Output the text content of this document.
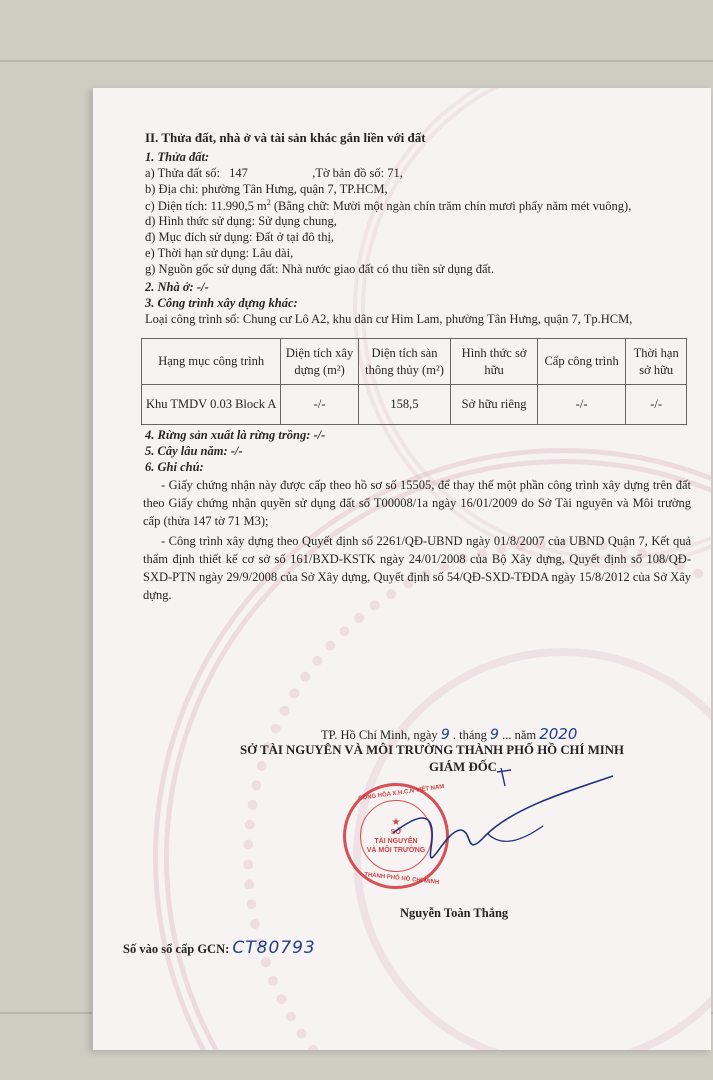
II. Thửa đất, nhà ở và tài sản khác gắn liền với đất
1. Thửa đất:
a) Thửa đất số: 147	,Tờ bản đồ số: 71,
b) Địa chỉ: phường Tân Hưng, quận 7, TP.HCM,
c) Diện tích: 11.990,5 $m^2$ (Bằng chữ: Mười một ngàn chín trăm chín mươi phẩy năm mét vuông),
d) Hình thức sử dụng: Sử dụng chung,
đ) Mục đích sử dụng: Đất ở tại đô thị,
e) Thời hạn sử dụng: Lâu dài,
g) Nguồn gốc sử dụng đất: Nhà nước giao đất có thu tiền sử dụng đất.
2. Nhà ở: -/-
3. Công trình xây dựng khác:
Loại công trình số: Chung cư Lô A2, khu dân cư Him Lam, phường Tân Hưng, quận 7, Tp.HCM,
Hạng mục công trình	Diện tích xây dựng (m²)	Diện tích sàn thông thủy (m²)	Hình thức sở hữu	Cấp công trình	Thời hạn sở hữu
Khu TMDV 0.03 Block A	-/-	158,5	Sở hữu riêng	-/-	-/-
4. Rừng sản xuất là rừng trồng: -/-
5. Cây lâu năm: -/-
6. Ghi chú:
- Giấy chứng nhận này được cấp theo hồ sơ số 15505, để thay thế một phần công trình xây dựng trên đất theo Giấy chứng nhận quyền sử dụng đất số T00008/1a ngày 16/01/2009 do Sở Tài nguyên và Môi trường cấp (thửa 147 tờ 71 M3);
- Công trình xây dựng theo Quyết định số 2261/QĐ-UBND ngày 01/8/2007 của UBND Quận 7, Kết quả thẩm định thiết kế cơ sở số 161/BXD-KSTK ngày 24/01/2008 của Bộ Xây dựng, Quyết định số 108/QĐ-SXD-PTN ngày 29/9/2008 của Sở Xây dựng, Quyết định số 54/QĐ-SXD-TĐDA ngày 15/8/2012 của Sở Xây dựng.
TP. Hồ Chí Minh, ngày 9 . tháng 9 ... năm 2020
SỞ TÀI NGUYÊN VÀ MÔI TRƯỜNG THÀNH PHỐ HỒ CHÍ MINH
GIÁM ĐỐC
CỘNG HÒA X.H.C.N VIỆT NAM
★
SỞ
TÀI NGUYÊN
VÀ MÔI TRƯỜNG
THÀNH PHỐ HỒ CHÍ MINH
Nguyễn Toàn Thắng
Số vào sổ cấp GCN: CT80793
